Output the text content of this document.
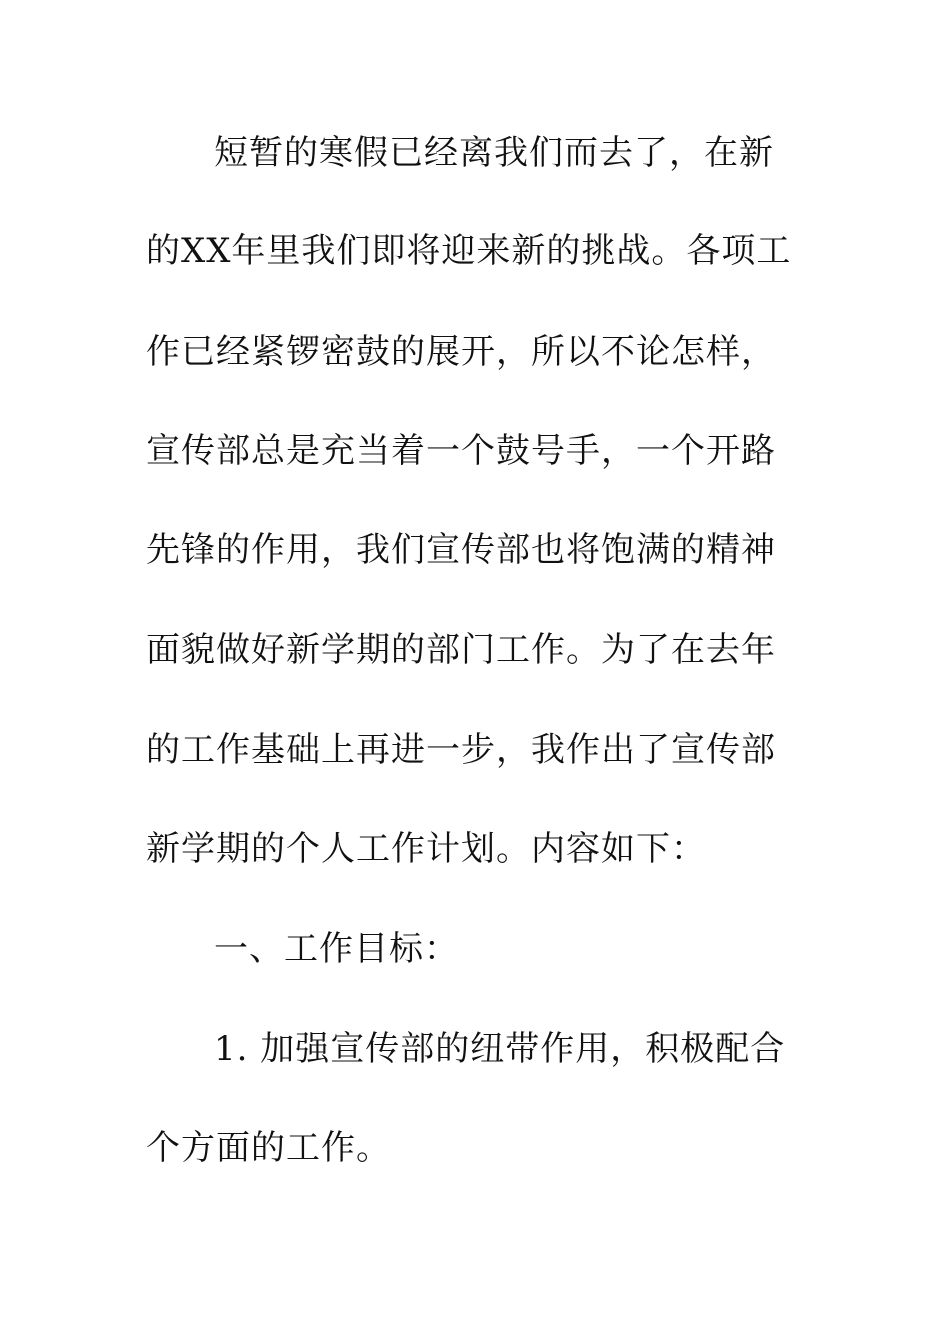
短暂的寒假已经离我们而去了，在新
的XX年里我们即将迎来新的挑战。各项工
作已经紧锣密鼓的展开，所以不论怎样，
宣传部总是充当着一个鼓号手，一个开路
先锋的作用，我们宣传部也将饱满的精神
面貌做好新学期的部门工作。为了在去年
的工作基础上再进一步，我作出了宣传部
新学期的个人工作计划。内容如下：
一、工作目标：
1. 加强宣传部的纽带作用，积极配合
个方面的工作。
